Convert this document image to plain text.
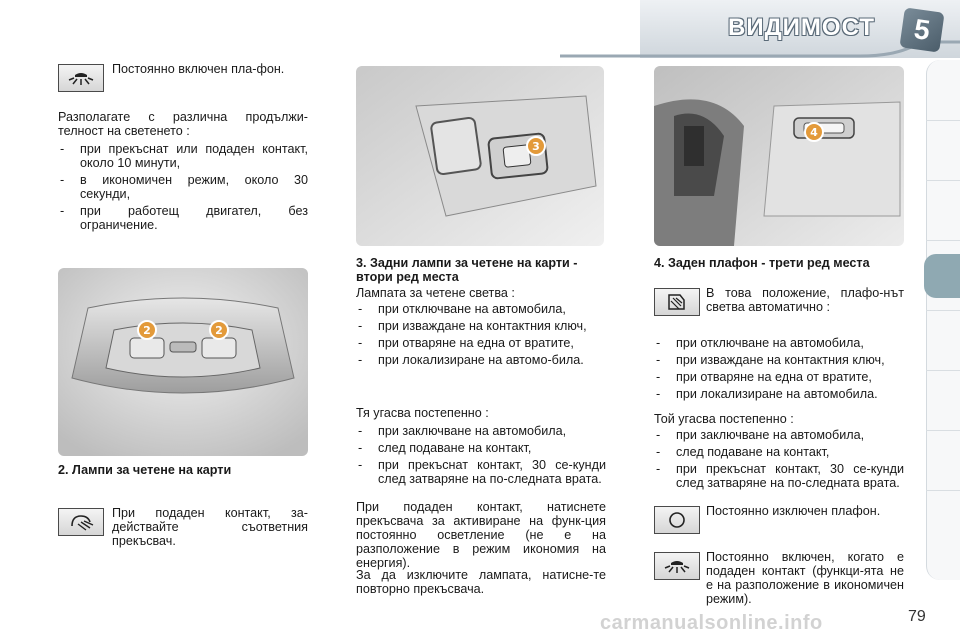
ВИДИМОСТ	5

Постоянно включен пла-фон.

Разполагате с различна продължи-телност на светенето :

- при прекъснат или подаден контакт, около 10 минути,
- в икономичен режим, около 30 секунди,
- при работещ двигател, без ограничение.
2	2

2. Лампи за четене на карти

При подаден контакт, за-действайте съответния прекъсвач.

3

3. Задни лампи за четене на карти - втори ред места

Лампата за четене светва :

- при отключване на автомобила,
- при изваждане на контактния ключ,
- при отваряне на една от вратите,
- при локализиране на автомо-била.

Тя угасва постепенно :

- при заключване на автомобила,
- след подаване на контакт,
- при прекъснат контакт, 30 се-кунди след затваряне на по-следната врата.

При подаден контакт, натиснете прекъсвача за активиране на функ-ция постоянно осветление (не е на разположение в режим икономия на енергия).

За да изключите лампата, натисне-те повторно прекъсвача.

4

4. Заден плафон - трети ред места

В това положение, плафо-нът светва автоматично :

- при отключване на автомобила,
- при изваждане на контактния ключ,
- при отваряне на една от вратите,
- при локализиране на автомобила.

Той угасва постепенно :

- при заключване на автомобила,
- след подаване на контакт,
- при прекъснат контакт, 30 се-кунди след затваряне на по-следната врата.

Постоянно изключен плафон.

Постоянно включен, когато е подаден контакт (функци-ята не е на разположение в икономичен режим).

carmanualsonline.info	79
